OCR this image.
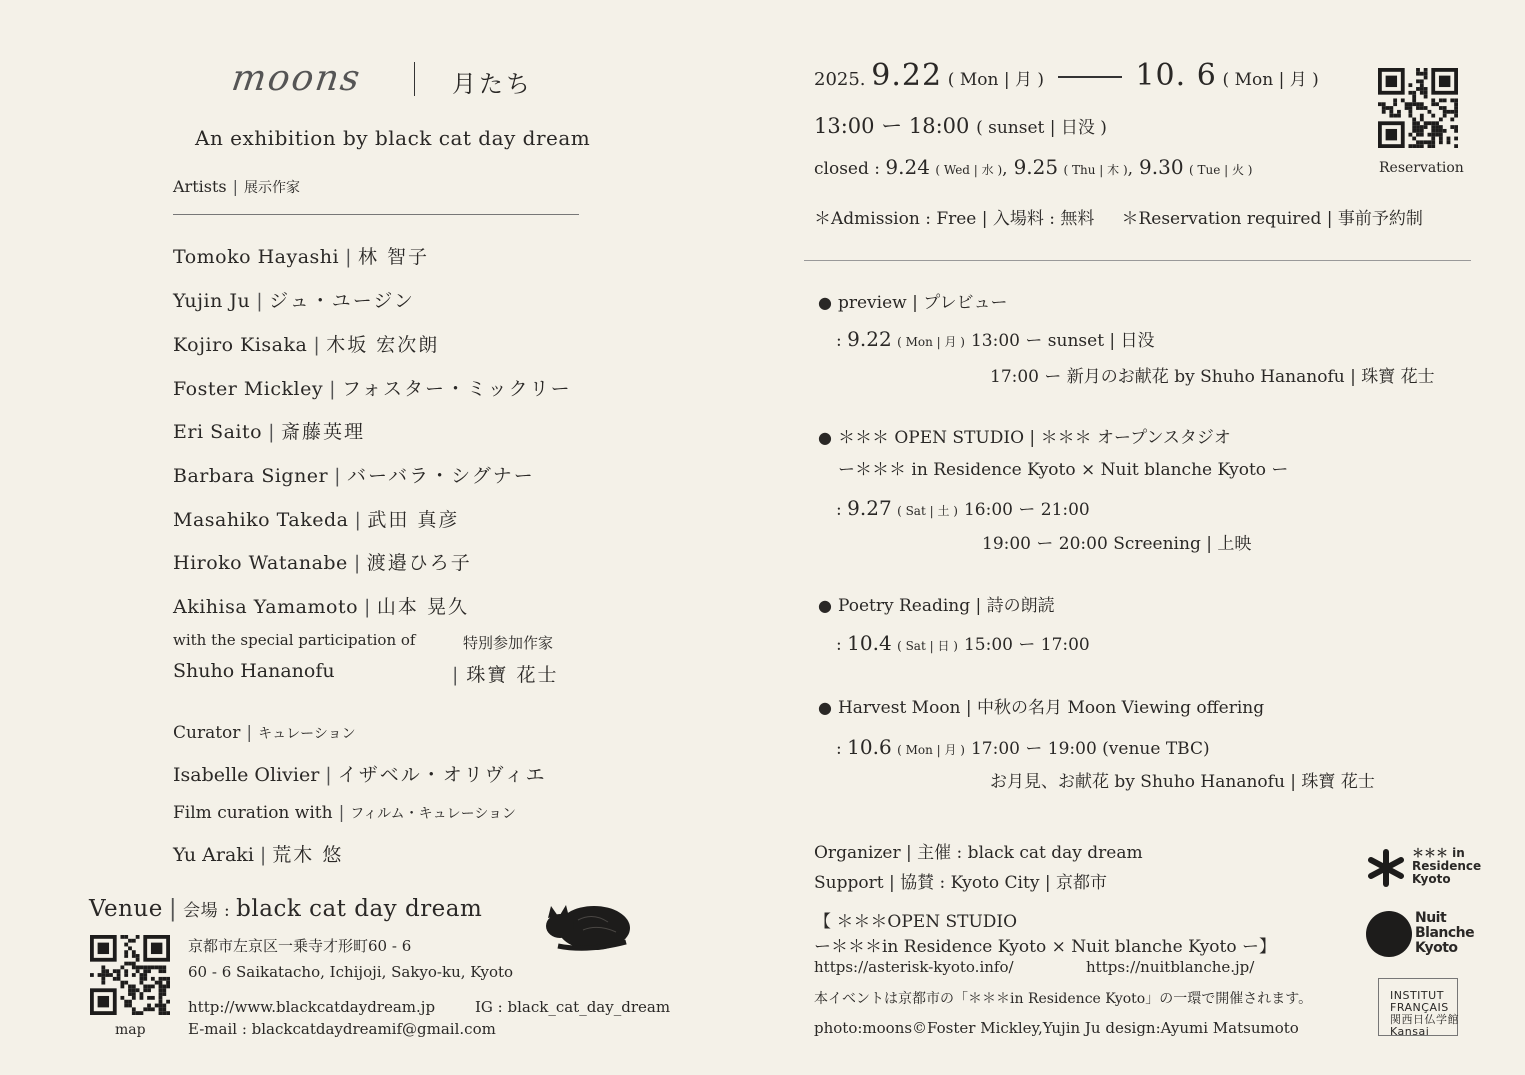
moons	月たち
An exhibition by black cat day dream
Artists | 展示作家
Tomoko Hayashi | 林 智子
Yujin Ju | ジュ・ユージン
Kojiro Kisaka | 木坂 宏次朗
Foster Mickley | フォスター・ミックリー
Eri Saito | 斎藤英理
Barbara Signer | バーバラ・シグナー
Masahiko Takeda | 武田 真彦
Hiroko Watanabe | 渡邉ひろ子
Akihisa Yamamoto | 山本 晃久
with the special participation of	特別参加作家
Shuho Hananofu	| 珠寶 花士
Curator | キュレーション
Isabelle Olivier | イザベル・オリヴィエ
Film curation with | フィルム・キュレーション
Yu Araki | 荒木 悠
Venue | 会場 : black cat day dream
map
京都市左京区一乗寺才形町60 - 6
60 - 6 Saikatacho, Ichijoji, Sakyo-ku, Kyoto
http://www.blackcatdaydream.jp	IG : black_cat_day_dream
E-mail : blackcatdaydreamif@gmail.com
2025. 9.22 ( Mon | 月 )	10. 6 ( Mon | 月 )
13:00 ー 18:00 ( sunset | 日没 )
closed : 9.24 ( Wed | 水 ), 9.25 ( Thu | 木 ), 9.30 ( Tue | 火 )
＊Admission : Free | 入場料 : 無料 ＊Reservation required | 事前予約制
Reservation
● preview | プレビュー
: 9.22 ( Mon | 月 ) 13:00 ー sunset | 日没
17:00 ー 新月のお献花 by Shuho Hananofu | 珠寶 花士
● ＊＊＊ OPEN STUDIO | ＊＊＊ オープンスタジオ
ー＊＊＊ in Residence Kyoto × Nuit blanche Kyoto ー
: 9.27 ( Sat | 土 ) 16:00 ー 21:00
19:00 ー 20:00 Screening | 上映
● Poetry Reading | 詩の朗読
: 10.4 ( Sat | 日 ) 15:00 ー 17:00
● Harvest Moon | 中秋の名月 Moon Viewing offering
: 10.6 ( Mon | 月 ) 17:00 ー 19:00 (venue TBC)
お月見、お献花 by Shuho Hananofu | 珠寶 花士
Organizer | 主催 : black cat day dream
Support | 協賛 : Kyoto City | 京都市
【 ＊＊＊OPEN STUDIO
ー＊＊＊in Residence Kyoto × Nuit blanche Kyoto ー】
https://asterisk-kyoto.info/	https://nuitblanche.jp/
本イベントは京都市の「＊＊＊in Residence Kyoto」の一環で開催されます。
photo:moons©Foster Mickley,Yujin Ju design:Ayumi Matsumoto
＊＊＊ in
Residence
Kyoto
Nuit
Blanche
Kyoto
INSTITUT
FRANÇAIS
関西日仏学館
Kansai
